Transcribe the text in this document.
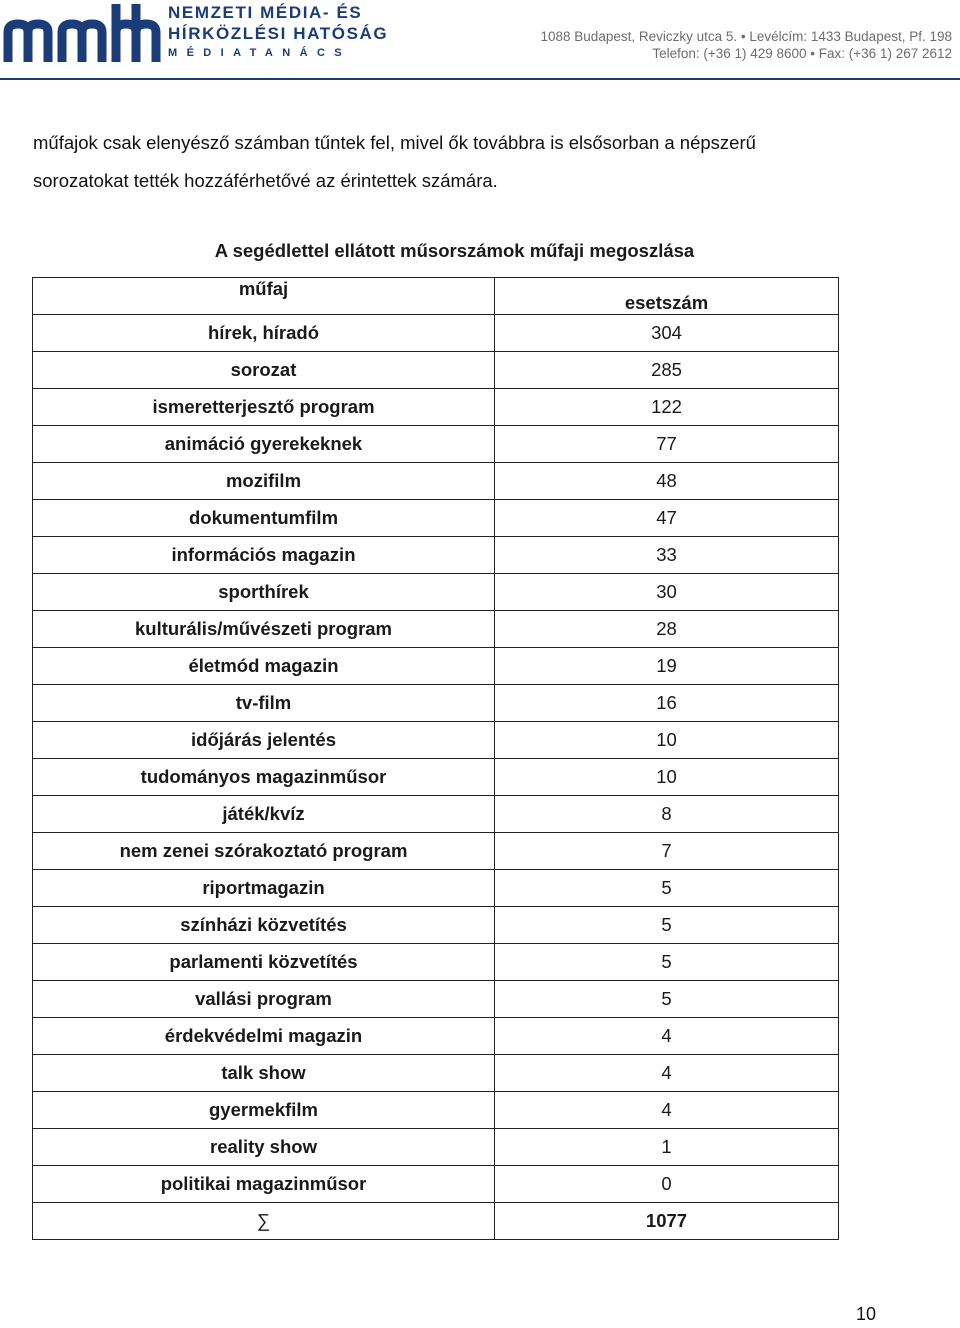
NEMZETI MÉDIA- ÉS
HÍRKÖZLÉSI HATÓSÁG
MÉDIATANÁCS
1088 Budapest, Reviczky utca 5. • Levélcím: 1433 Budapest, Pf. 198
Telefon: (+36 1) 429 8600 • Fax: (+36 1) 267 2612

műfajok csak elenyésző számban tűntek fel, mivel ők továbbra is elsősorban a népszerű

sorozatokat tették hozzáférhetővé az érintettek számára.

A segédlettel ellátott műsorszámok műfaji megoszlása
műfaj	esetszám
hírek, híradó	304
sorozat	285
ismeretterjesztő program	122
animáció gyerekeknek	77
mozifilm	48
dokumentumfilm	47
információs magazin	33
sporthírek	30
kulturális/művészeti program	28
életmód magazin	19
tv-film	16
időjárás jelentés	10
tudományos magazinműsor	10
játék/kvíz	8
nem zenei szórakoztató program	7
riportmagazin	5
színházi közvetítés	5
parlamenti közvetítés	5
vallási program	5
érdekvédelmi magazin	4
talk show	4
gyermekfilm	4
reality show	1
politikai magazinműsor	0
∑	1077
10
